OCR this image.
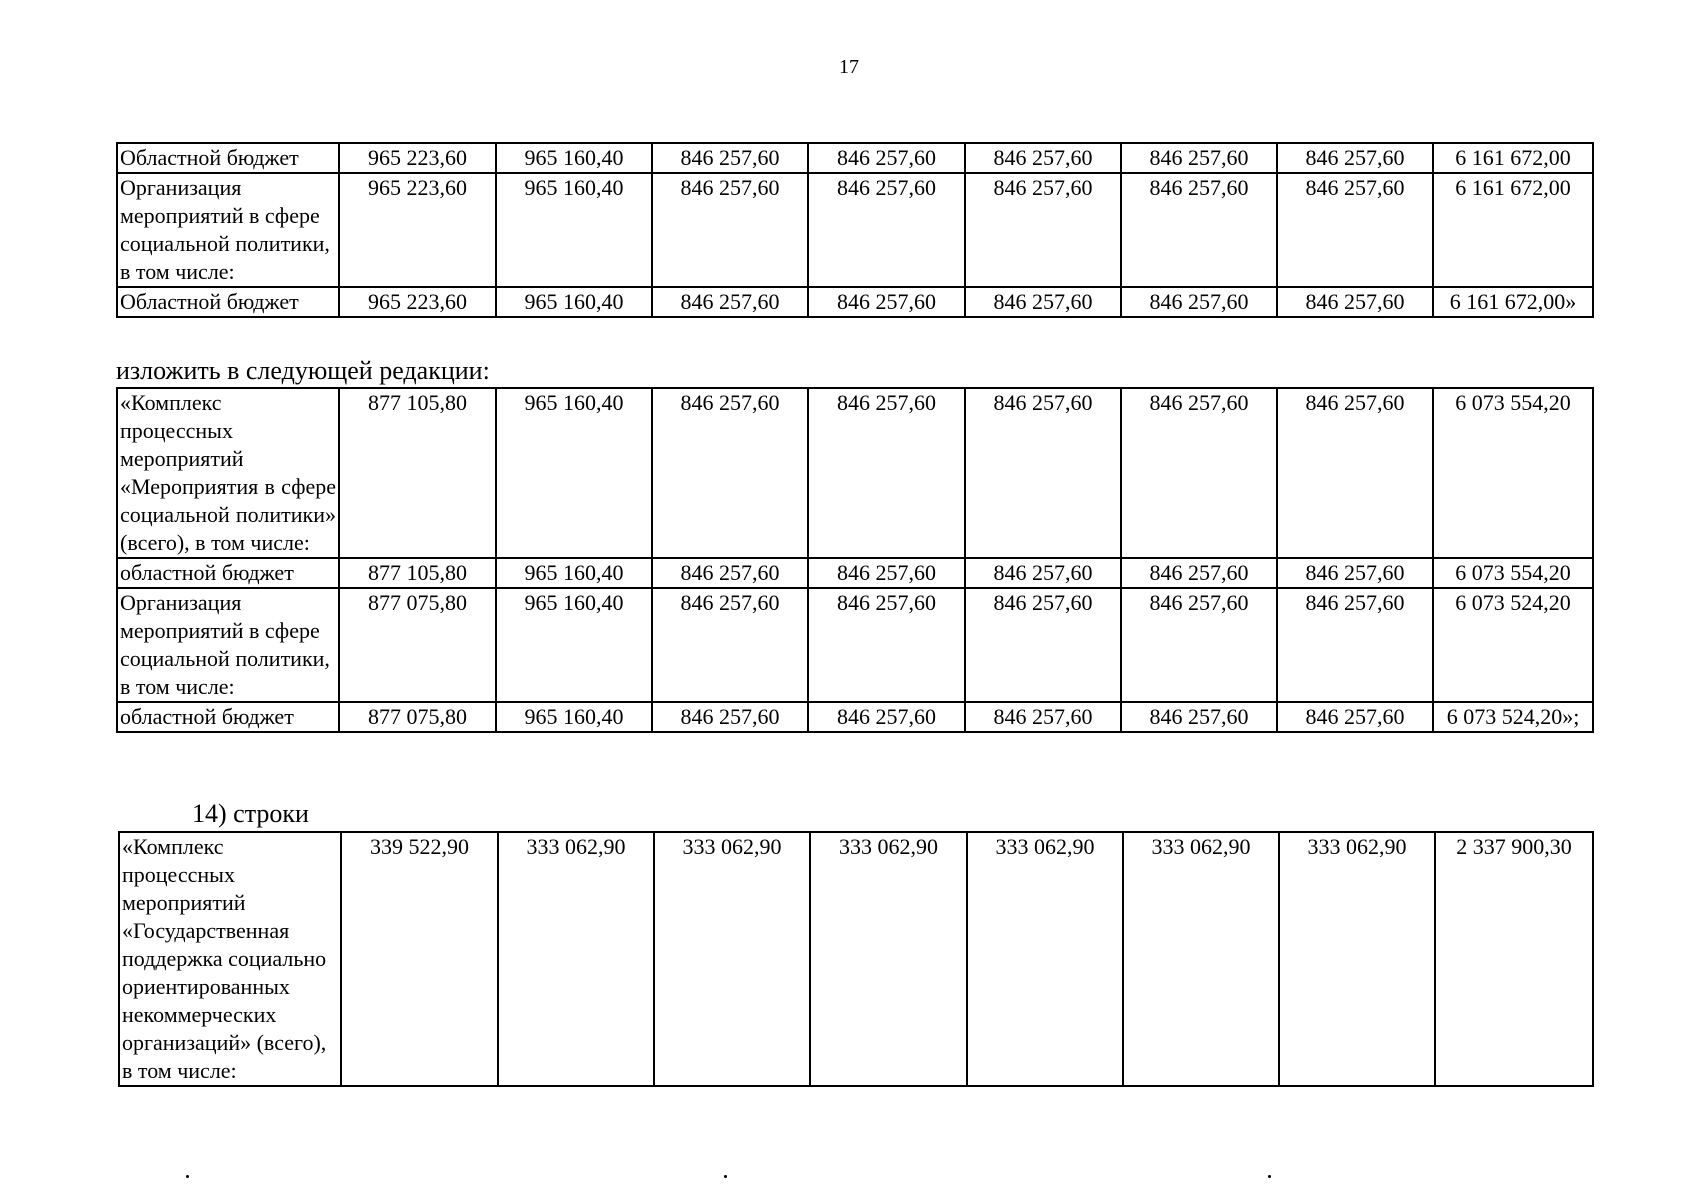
17
Областной бюджет	965 223,60	965 160,40	846 257,60	846 257,60	846 257,60	846 257,60	846 257,60	6 161 672,00
Организация мероприятий в сфере социальной политики, в том числе:	965 223,60	965 160,40	846 257,60	846 257,60	846 257,60	846 257,60	846 257,60	6 161 672,00
Областной бюджет	965 223,60	965 160,40	846 257,60	846 257,60	846 257,60	846 257,60	846 257,60	6 161 672,00»
изложить в следующей редакции:
«Комплекс процессных мероприятий «Мероприятия в сфере социальной политики» (всего), в том числе:	877 105,80	965 160,40	846 257,60	846 257,60	846 257,60	846 257,60	846 257,60	6 073 554,20
областной бюджет	877 105,80	965 160,40	846 257,60	846 257,60	846 257,60	846 257,60	846 257,60	6 073 554,20
Организация мероприятий в сфере социальной политики, в том числе:	877 075,80	965 160,40	846 257,60	846 257,60	846 257,60	846 257,60	846 257,60	6 073 524,20
областной бюджет	877 075,80	965 160,40	846 257,60	846 257,60	846 257,60	846 257,60	846 257,60	6 073 524,20»;
14) строки
«Комплекс процессных мероприятий «Государственная поддержка социально ориентированных некоммерческих организаций» (всего), в том числе:	339 522,90	333 062,90	333 062,90	333 062,90	333 062,90	333 062,90	333 062,90	2 337 900,30
